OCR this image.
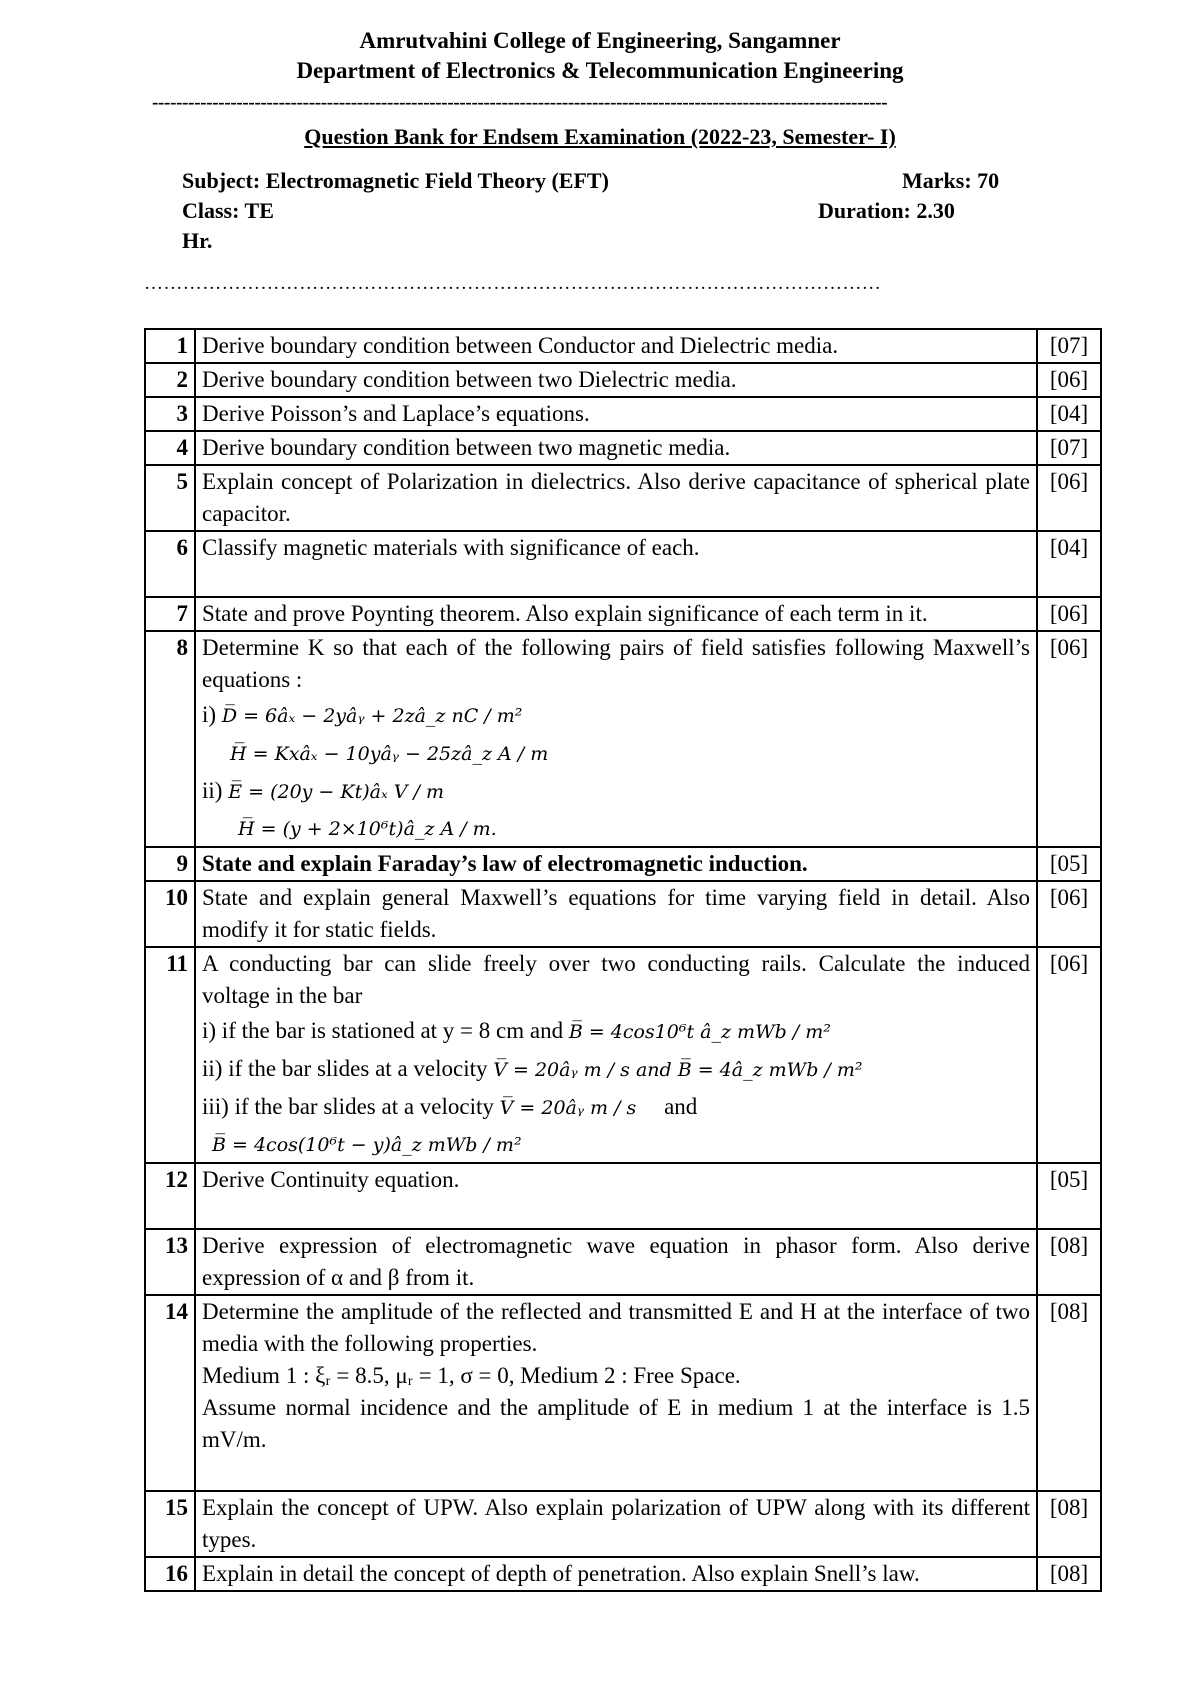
Amrutvahini College of Engineering, Sangamner
Department of Electronics & Telecommunication Engineering
--------------------------------------------------------------------------------------------------------------------------
Question Bank for Endsem Examination (2022-23, Semester- I)
Subject: Electromagnetic Field Theory (EFT)	Marks: 70
Class: TE	Duration: 2.30
Hr.
……………………………………………………………………………………………………
1	Derive boundary condition between Conductor and Dielectric media.	[07]
2	Derive boundary condition between two Dielectric media.	[06]
3	Derive Poisson’s and Laplace’s equations.	[04]
4	Derive boundary condition between two magnetic media.	[07]
5	Explain concept of Polarization in dielectrics. Also derive capacitance of spherical plate capacitor.	[06]
6	Classify magnetic materials with significance of each.	[04]
7	State and prove Poynting theorem. Also explain significance of each term in it.	[06]
8	Determine K so that each of the following pairs of field satisfies following Maxwell’s equations :
i) D̅ = 6âₓ − 2yâᵧ + 2zâ_z nC / m²
H̅ = Kxâₓ − 10yâᵧ − 25zâ_z A / m
ii) E̅ = (20y − Kt)âₓ V / m
H̅ = (y + 2×10⁶t)â_z A / m.	[06]
9	State and explain Faraday’s law of electromagnetic induction.	[05]
10	State and explain general Maxwell’s equations for time varying field in detail. Also modify it for static fields.	[06]
11	A conducting bar can slide freely over two conducting rails. Calculate the induced voltage in the bar
i) if the bar is stationed at y = 8 cm and B̅ = 4cos10⁶t â_z mWb / m²
ii) if the bar slides at a velocity V̅ = 20âᵧ m / s and B̅ = 4â_z mWb / m²
iii) if the bar slides at a velocity V̅ = 20âᵧ m / s and
B̅ = 4cos(10⁶t − y)â_z mWb / m²	[06]
12	Derive Continuity equation.	[05]
13	Derive expression of electromagnetic wave equation in phasor form. Also derive expression of α and β from it.	[08]
14	Determine the amplitude of the reflected and transmitted E and H at the interface of two media with the following properties.
Medium 1 : ξᵣ = 8.5, μᵣ = 1, σ = 0, Medium 2 : Free Space.
Assume normal incidence and the amplitude of E in medium 1 at the interface is 1.5 mV/m.	[08]
15	Explain the concept of UPW. Also explain polarization of UPW along with its different types.	[08]
16	Explain in detail the concept of depth of penetration. Also explain Snell’s law.	[08]
